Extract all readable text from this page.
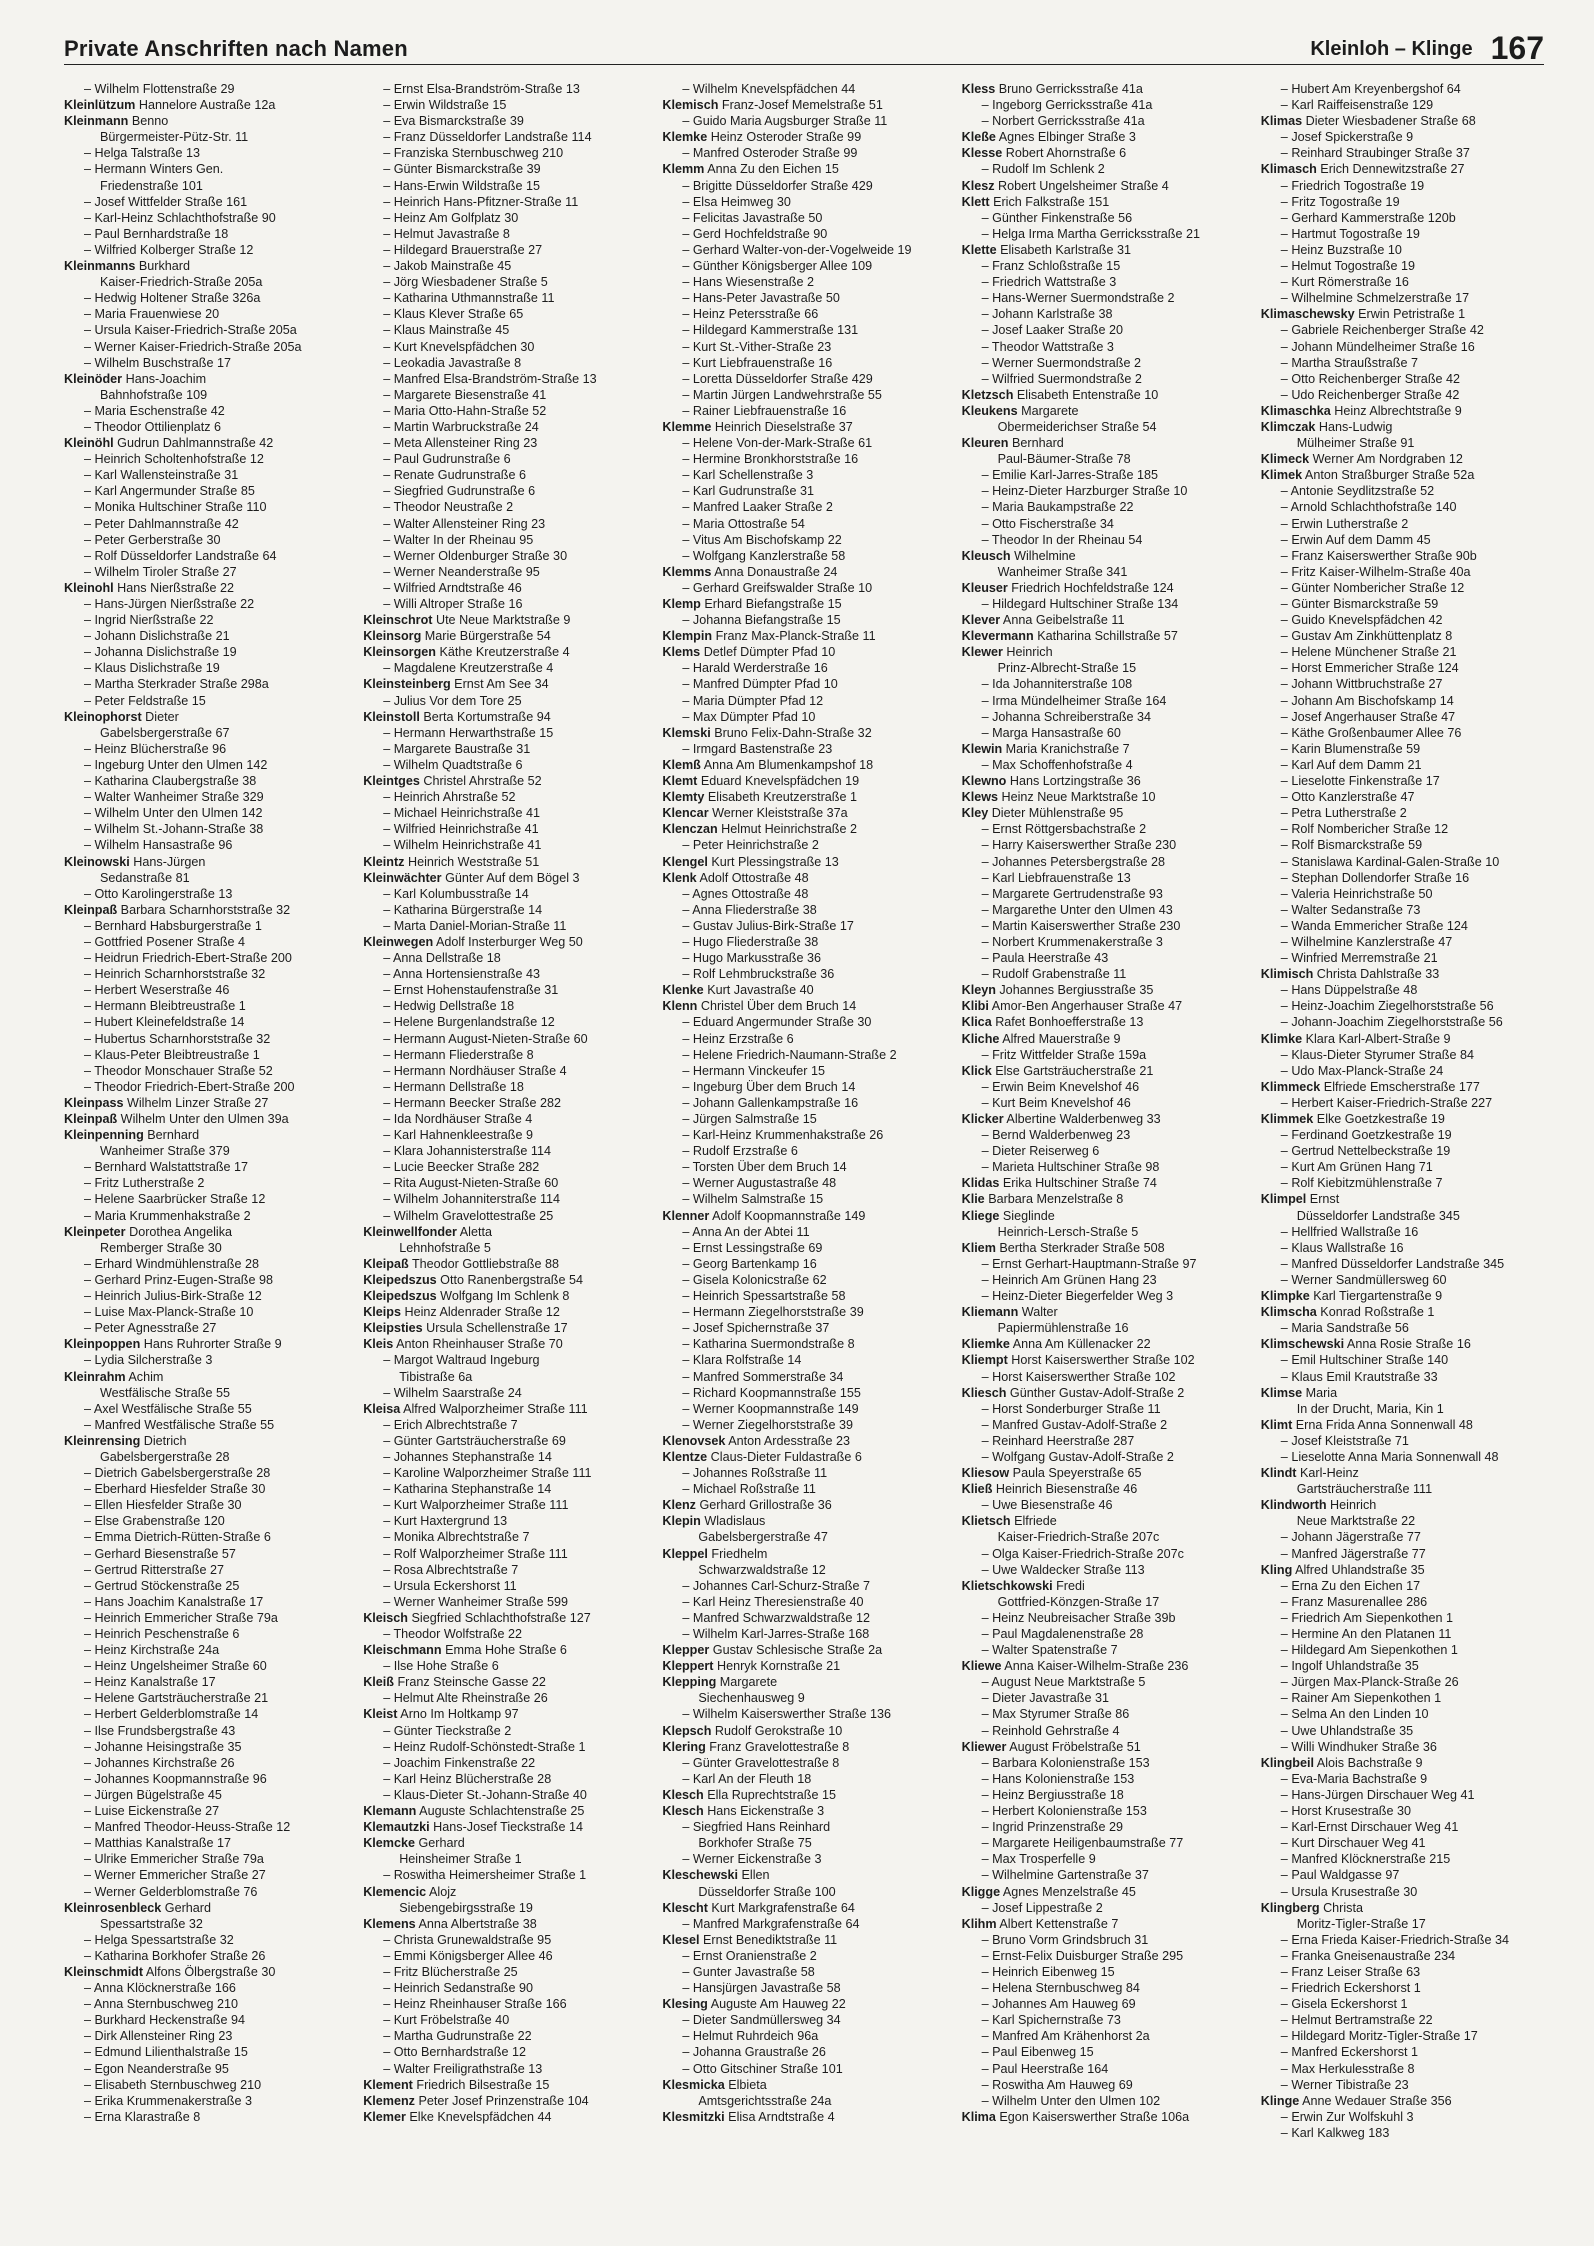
Private Anschriften nach Namen	Kleinloh – Klinge 167
– Wilhelm Flottenstraße 29
Kleinlützum Hannelore Austraße 12a
Kleinmann Benno
Bürgermeister-Pütz-Str. 11
– Helga Talstraße 13
– Hermann Winters Gen.
Friedenstraße 101
– Josef Wittfelder Straße 161
– Karl-Heinz Schlachthofstraße 90
– Paul Bernhardstraße 18
– Wilfried Kolberger Straße 12
Kleinmanns Burkhard
Kaiser-Friedrich-Straße 205a
– Hedwig Holtener Straße 326a
– Maria Frauenwiese 20
– Ursula Kaiser-Friedrich-Straße 205a
– Werner Kaiser-Friedrich-Straße 205a
– Wilhelm Buschstraße 17
Kleinöder Hans-Joachim
Bahnhofstraße 109
– Maria Eschenstraße 42
– Theodor Ottilienplatz 6
Kleinöhl Gudrun Dahlmannstraße 42
– Heinrich Scholtenhofstraße 12
– Karl Wallensteinstraße 31
– Karl Angermunder Straße 85
– Monika Hultschiner Straße 110
– Peter Dahlmannstraße 42
– Peter Gerberstraße 30
– Rolf Düsseldorfer Landstraße 64
– Wilhelm Tiroler Straße 27
Kleinohl Hans Nierßstraße 22
– Hans-Jürgen Nierßstraße 22
– Ingrid Nierßstraße 22
– Johann Dislichstraße 21
– Johanna Dislichstraße 19
– Klaus Dislichstraße 19
– Martha Sterkrader Straße 298a
– Peter Feldstraße 15
Kleinophorst Dieter
Gabelsbergerstraße 67
– Heinz Blücherstraße 96
– Ingeburg Unter den Ulmen 142
– Katharina Claubergstraße 38
– Walter Wanheimer Straße 329
– Wilhelm Unter den Ulmen 142
– Wilhelm St.-Johann-Straße 38
– Wilhelm Hansastraße 96
Kleinowski Hans-Jürgen
Sedanstraße 81
– Otto Karolingerstraße 13
Kleinpaß Barbara Scharnhorststraße 32
– Bernhard Habsburgerstraße 1
– Gottfried Posener Straße 4
– Heidrun Friedrich-Ebert-Straße 200
– Heinrich Scharnhorststraße 32
– Herbert Weserstraße 46
– Hermann Bleibtreustraße 1
– Hubert Kleinefeldstraße 14
– Hubertus Scharnhorststraße 32
– Klaus-Peter Bleibtreustraße 1
– Theodor Monschauer Straße 52
– Theodor Friedrich-Ebert-Straße 200
Kleinpass Wilhelm Linzer Straße 27
Kleinpaß Wilhelm Unter den Ulmen 39a
Kleinpenning Bernhard
Wanheimer Straße 379
– Bernhard Walstattstraße 17
– Fritz Lutherstraße 2
– Helene Saarbrücker Straße 12
– Maria Krummenhakstraße 2
Kleinpeter Dorothea Angelika
Remberger Straße 30
– Erhard Windmühlenstraße 28
– Gerhard Prinz-Eugen-Straße 98
– Heinrich Julius-Birk-Straße 12
– Luise Max-Planck-Straße 10
– Peter Agnesstraße 27
Kleinpoppen Hans Ruhrorter Straße 9
– Lydia Silcherstraße 3
Kleinrahm Achim
Westfälische Straße 55
– Axel Westfälische Straße 55
– Manfred Westfälische Straße 55
Kleinrensing Dietrich
Gabelsbergerstraße 28
– Dietrich Gabelsbergerstraße 28
– Eberhard Hiesfelder Straße 30
– Ellen Hiesfelder Straße 30
– Else Grabenstraße 120
– Emma Dietrich-Rütten-Straße 6
– Gerhard Biesenstraße 57
– Gertrud Ritterstraße 27
– Gertrud Stöckenstraße 25
– Hans Joachim Kanalstraße 17
– Heinrich Emmericher Straße 79a
– Heinrich Peschenstraße 6
– Heinz Kirchstraße 24a
– Heinz Ungelsheimer Straße 60
– Heinz Kanalstraße 17
– Helene Gartsträucherstraße 21
– Herbert Gelderblomstraße 14
– Ilse Frundsbergstraße 43
– Johanne Heisingstraße 35
– Johannes Kirchstraße 26
– Johannes Koopmannstraße 96
– Jürgen Bügelstraße 45
– Luise Eickenstraße 27
– Manfred Theodor-Heuss-Straße 12
– Matthias Kanalstraße 17
– Ulrike Emmericher Straße 79a
– Werner Emmericher Straße 27
– Werner Gelderblomstraße 76
Kleinrosenbleck Gerhard
Spessartstraße 32
– Helga Spessartstraße 32
– Katharina Borkhofer Straße 26
Kleinschmidt Alfons Ölbergstraße 30
– Anna Klöcknerstraße 166
– Anna Sternbuschweg 210
– Burkhard Heckenstraße 94
– Dirk Allensteiner Ring 23
– Edmund Lilienthalstraße 15
– Egon Neanderstraße 95
– Elisabeth Sternbuschweg 210
– Erika Krummenakerstraße 3
– Erna Klarastraße 8
– Ernst Elsa-Brandström-Straße 13
– Erwin Wildstraße 15
– Eva Bismarckstraße 39
– Franz Düsseldorfer Landstraße 114
– Franziska Sternbuschweg 210
– Günter Bismarckstraße 39
– Hans-Erwin Wildstraße 15
– Heinrich Hans-Pfitzner-Straße 11
– Heinz Am Golfplatz 30
– Helmut Javastraße 8
– Hildegard Brauerstraße 27
– Jakob Mainstraße 45
– Jörg Wiesbadener Straße 5
– Katharina Uthmannstraße 11
– Klaus Klever Straße 65
– Klaus Mainstraße 45
– Kurt Knevelspfädchen 30
– Leokadia Javastraße 8
– Manfred Elsa-Brandström-Straße 13
– Margarete Biesenstraße 41
– Maria Otto-Hahn-Straße 52
– Martin Warbruckstraße 24
– Meta Allensteiner Ring 23
– Paul Gudrunstraße 6
– Renate Gudrunstraße 6
– Siegfried Gudrunstraße 6
– Theodor Neustraße 2
– Walter Allensteiner Ring 23
– Walter In der Rheinau 95
– Werner Oldenburger Straße 30
– Werner Neanderstraße 95
– Wilfried Arndtstraße 46
– Willi Altroper Straße 16
Kleinschrot Ute Neue Marktstraße 9
Kleinsorg Marie Bürgerstraße 54
Kleinsorgen Käthe Kreutzerstraße 4
– Magdalene Kreutzerstraße 4
Kleinsteinberg Ernst Am See 34
– Julius Vor dem Tore 25
Kleinstoll Berta Kortumstraße 94
– Hermann Herwarthstraße 15
– Margarete Baustraße 31
– Wilhelm Quadtstraße 6
Kleintges Christel Ahrstraße 52
– Heinrich Ahrstraße 52
– Michael Heinrichstraße 41
– Wilfried Heinrichstraße 41
– Wilhelm Heinrichstraße 41
Kleintz Heinrich Weststraße 51
Kleinwächter Günter Auf dem Bögel 3
– Karl Kolumbusstraße 14
– Katharina Bürgerstraße 14
– Marta Daniel-Morian-Straße 11
Kleinwegen Adolf Insterburger Weg 50
– Anna Dellstraße 18
– Anna Hortensienstraße 43
– Ernst Hohenstaufenstraße 31
– Hedwig Dellstraße 18
– Helene Burgenlandstraße 12
– Hermann August-Nieten-Straße 60
– Hermann Fliederstraße 8
– Hermann Nordhäuser Straße 4
– Hermann Dellstraße 18
– Hermann Beecker Straße 282
– Ida Nordhäuser Straße 4
– Karl Hahnenkleestraße 9
– Klara Johannisterstraße 114
– Lucie Beecker Straße 282
– Rita August-Nieten-Straße 60
– Wilhelm Johanniterstraße 114
– Wilhelm Gravelottestraße 25
Kleinwellfonder Aletta
Lehnhofstraße 5
Kleipaß Theodor Gottliebstraße 88
Kleipedszus Otto Ranenbergstraße 54
Kleipedszus Wolfgang Im Schlenk 8
Kleips Heinz Aldenrader Straße 12
Kleipsties Ursula Schellenstraße 17
Kleis Anton Rheinhauser Straße 70
– Margot Waltraud Ingeburg
Tibistraße 6a
– Wilhelm Saarstraße 24
Kleisa Alfred Walporzheimer Straße 111
– Erich Albrechtstraße 7
– Günter Gartsträucherstraße 69
– Johannes Stephanstraße 14
– Karoline Walporzheimer Straße 111
– Katharina Stephanstraße 14
– Kurt Walporzheimer Straße 111
– Kurt Haxtergrund 13
– Monika Albrechtstraße 7
– Rolf Walporzheimer Straße 111
– Rosa Albrechtstraße 7
– Ursula Eckershorst 11
– Werner Wanheimer Straße 599
Kleisch Siegfried Schlachthofstraße 127
– Theodor Wolfstraße 22
Kleischmann Emma Hohe Straße 6
– Ilse Hohe Straße 6
Kleiß Franz Steinsche Gasse 22
– Helmut Alte Rheinstraße 26
Kleist Arno Im Holtkamp 97
– Günter Tieckstraße 2
– Heinz Rudolf-Schönstedt-Straße 1
– Joachim Finkenstraße 22
– Karl Heinz Blücherstraße 28
– Klaus-Dieter St.-Johann-Straße 40
Klemann Auguste Schlachtenstraße 25
Klemautzki Hans-Josef Tieckstraße 14
Klemcke Gerhard
Heinsheimer Straße 1
– Roswitha Heimersheimer Straße 1
Klemencic Alojz
Siebengebirgsstraße 19
Klemens Anna Albertstraße 38
– Christa Grunewaldstraße 95
– Emmi Königsberger Allee 46
– Fritz Blücherstraße 25
– Heinrich Sedanstraße 90
– Heinz Rheinhauser Straße 166
– Kurt Fröbelstraße 40
– Martha Gudrunstraße 22
– Otto Bernhardstraße 12
– Walter Freiligrathstraße 13
Klement Friedrich Bilsestraße 15
Klemenz Peter Josef Prinzenstraße 104
Klemer Elke Knevelspfädchen 44
– Wilhelm Knevelspfädchen 44
Klemisch Franz-Josef Memelstraße 51
– Guido Maria Augsburger Straße 11
Klemke Heinz Osteroder Straße 99
– Manfred Osteroder Straße 99
Klemm Anna Zu den Eichen 15
– Brigitte Düsseldorfer Straße 429
– Elsa Heimweg 30
– Felicitas Javastraße 50
– Gerd Hochfeldstraße 90
– Gerhard Walter-von-der-Vogelweide 19
– Günther Königsberger Allee 109
– Hans Wiesenstraße 2
– Hans-Peter Javastraße 50
– Heinz Petersstraße 66
– Hildegard Kammerstraße 131
– Kurt St.-Vither-Straße 23
– Kurt Liebfrauenstraße 16
– Loretta Düsseldorfer Straße 429
– Martin Jürgen Landwehrstraße 55
– Rainer Liebfrauenstraße 16
Klemme Heinrich Dieselstraße 37
– Helene Von-der-Mark-Straße 61
– Hermine Bronkhorststraße 16
– Karl Schellenstraße 3
– Karl Gudrunstraße 31
– Manfred Laaker Straße 2
– Maria Ottostraße 54
– Vitus Am Bischofskamp 22
– Wolfgang Kanzlerstraße 58
Klemms Anna Donaustraße 24
– Gerhard Greifswalder Straße 10
Klemp Erhard Biefangstraße 15
– Johanna Biefangstraße 15
Klempin Franz Max-Planck-Straße 11
Klems Detlef Dümpter Pfad 10
– Harald Werderstraße 16
– Manfred Dümpter Pfad 10
– Maria Dümpter Pfad 12
– Max Dümpter Pfad 10
Klemski Bruno Felix-Dahn-Straße 32
– Irmgard Bastenstraße 23
Klemß Anna Am Blumenkampshof 18
Klemt Eduard Knevelspfädchen 19
Klemty Elisabeth Kreutzerstraße 1
Klencar Werner Kleiststraße 37a
Klenczan Helmut Heinrichstraße 2
– Peter Heinrichstraße 2
Klengel Kurt Plessingstraße 13
Klenk Adolf Ottostraße 48
– Agnes Ottostraße 48
– Anna Fliederstraße 38
– Gustav Julius-Birk-Straße 17
– Hugo Fliederstraße 38
– Hugo Markusstraße 36
– Rolf Lehmbruckstraße 36
Klenke Kurt Javastraße 40
Klenn Christel Über dem Bruch 14
– Eduard Angermunder Straße 30
– Heinz Erzstraße 6
– Helene Friedrich-Naumann-Straße 2
– Hermann Vinckeufer 15
– Ingeburg Über dem Bruch 14
– Johann Gallenkampstraße 16
– Jürgen Salmstraße 15
– Karl-Heinz Krummenhakstraße 26
– Rudolf Erzstraße 6
– Torsten Über dem Bruch 14
– Werner Augustastraße 48
– Wilhelm Salmstraße 15
Klenner Adolf Koopmannstraße 149
– Anna An der Abtei 11
– Ernst Lessingstraße 69
– Georg Bartenkamp 16
– Gisela Kolonicstraße 62
– Heinrich Spessartstraße 58
– Hermann Ziegelhorststraße 39
– Josef Spichernstraße 37
– Katharina Suermondstraße 8
– Klara Rolfstraße 14
– Manfred Sommerstraße 34
– Richard Koopmannstraße 155
– Werner Koopmannstraße 149
– Werner Ziegelhorststraße 39
Klenovsek Anton Ardesstraße 23
Klentze Claus-Dieter Fuldastraße 6
– Johannes Roßstraße 11
– Michael Roßstraße 11
Klenz Gerhard Grillostraße 36
Klepin Wladislaus
Gabelsbergerstraße 47
Kleppel Friedhelm
Schwarzwaldstraße 12
– Johannes Carl-Schurz-Straße 7
– Karl Heinz Theresienstraße 40
– Manfred Schwarzwaldstraße 12
– Wilhelm Karl-Jarres-Straße 168
Klepper Gustav Schlesische Straße 2a
Kleppert Henryk Kornstraße 21
Klepping Margarete
Siechenhausweg 9
– Wilhelm Kaiserswerther Straße 136
Klepsch Rudolf Gerokstraße 10
Klering Franz Gravelottestraße 8
– Günter Gravelottestraße 8
– Karl An der Fleuth 18
Klesch Ella Ruprechtstraße 15
Klesch Hans Eickenstraße 3
– Siegfried Hans Reinhard
Borkhofer Straße 75
– Werner Eickenstraße 3
Kleschewski Ellen
Düsseldorfer Straße 100
Klescht Kurt Markgrafenstraße 64
– Manfred Markgrafenstraße 64
Klesel Ernst Benediktstraße 11
– Ernst Oranienstraße 2
– Gunter Javastraße 58
– Hansjürgen Javastraße 58
Klesing Auguste Am Hauweg 22
– Dieter Sandmüllersweg 34
– Helmut Ruhrdeich 96a
– Johanna Graustraße 26
– Otto Gitschiner Straße 101
Klesmicka Elbieta
Amtsgerichtsstraße 24a
Klesmitzki Elisa Arndtstraße 4
Kless Bruno Gerricksstraße 41a
– Ingeborg Gerricksstraße 41a
– Norbert Gerricksstraße 41a
Kleße Agnes Elbinger Straße 3
Klesse Robert Ahornstraße 6
– Rudolf Im Schlenk 2
Klesz Robert Ungelsheimer Straße 4
Klett Erich Falkstraße 151
– Günther Finkenstraße 56
– Helga Irma Martha Gerricksstraße 21
Klette Elisabeth Karlstraße 31
– Franz Schloßstraße 15
– Friedrich Wattstraße 3
– Hans-Werner Suermondstraße 2
– Johann Karlstraße 38
– Josef Laaker Straße 20
– Theodor Wattstraße 3
– Werner Suermondstraße 2
– Wilfried Suermondstraße 2
Kletzsch Elisabeth Entenstraße 10
Kleukens Margarete
Obermeiderichser Straße 54
Kleuren Bernhard
Paul-Bäumer-Straße 78
– Emilie Karl-Jarres-Straße 185
– Heinz-Dieter Harzburger Straße 10
– Maria Baukampstraße 22
– Otto Fischerstraße 34
– Theodor In der Rheinau 54
Kleusch Wilhelmine
Wanheimer Straße 341
Kleuser Friedrich Hochfeldstraße 124
– Hildegard Hultschiner Straße 134
Klever Anna Geibelstraße 11
Klevermann Katharina Schillstraße 57
Klewer Heinrich
Prinz-Albrecht-Straße 15
– Ida Johanniterstraße 108
– Irma Mündelheimer Straße 164
– Johanna Schreiberstraße 34
– Marga Hansastraße 60
Klewin Maria Kranichstraße 7
– Max Schoffenhofstraße 4
Klewno Hans Lortzingstraße 36
Klews Heinz Neue Marktstraße 10
Kley Dieter Mühlenstraße 95
– Ernst Röttgersbachstraße 2
– Harry Kaiserswerther Straße 230
– Johannes Petersbergstraße 28
– Karl Liebfrauenstraße 13
– Margarete Gertrudenstraße 93
– Margarethe Unter den Ulmen 43
– Martin Kaiserswerther Straße 230
– Norbert Krummenakerstraße 3
– Paula Heerstraße 43
– Rudolf Grabenstraße 11
Kleyn Johannes Bergiusstraße 35
Klibi Amor-Ben Angerhauser Straße 47
Klica Rafet Bonhoefferstraße 13
Kliche Alfred Mauerstraße 9
– Fritz Wittfelder Straße 159a
Klick Else Gartsträucherstraße 21
– Erwin Beim Knevelshof 46
– Kurt Beim Knevelshof 46
Klicker Albertine Walderbenweg 33
– Bernd Walderbenweg 23
– Dieter Reiserweg 6
– Marieta Hultschiner Straße 98
Klidas Erika Hultschiner Straße 74
Klie Barbara Menzelstraße 8
Kliege Sieglinde
Heinrich-Lersch-Straße 5
Kliem Bertha Sterkrader Straße 508
– Ernst Gerhart-Hauptmann-Straße 97
– Heinrich Am Grünen Hang 23
– Heinz-Dieter Biegerfelder Weg 3
Kliemann Walter
Papiermühlenstraße 16
Kliemke Anna Am Küllenacker 22
Kliempt Horst Kaiserswerther Straße 102
– Horst Kaiserswerther Straße 102
Kliesch Günther Gustav-Adolf-Straße 2
– Horst Sonderburger Straße 11
– Manfred Gustav-Adolf-Straße 2
– Reinhard Heerstraße 287
– Wolfgang Gustav-Adolf-Straße 2
Kliesow Paula Speyerstraße 65
Kließ Heinrich Biesenstraße 46
– Uwe Biesenstraße 46
Klietsch Elfriede
Kaiser-Friedrich-Straße 207c
– Olga Kaiser-Friedrich-Straße 207c
– Uwe Waldecker Straße 113
Klietschkowski Fredi
Gottfried-Könzgen-Straße 17
– Heinz Neubreisacher Straße 39b
– Paul Magdalenenstraße 28
– Walter Spatenstraße 7
Kliewe Anna Kaiser-Wilhelm-Straße 236
– August Neue Marktstraße 5
– Dieter Javastraße 31
– Max Styrumer Straße 86
– Reinhold Gehrstraße 4
Kliewer August Fröbelstraße 51
– Barbara Kolonienstraße 153
– Hans Kolonienstraße 153
– Heinz Bergiusstraße 18
– Herbert Kolonienstraße 153
– Ingrid Prinzenstraße 29
– Margarete Heiligenbaumstraße 77
– Max Trosperfelle 9
– Wilhelmine Gartenstraße 37
Kligge Agnes Menzelstraße 45
– Josef Lippestraße 2
Klihm Albert Kettenstraße 7
– Bruno Vorm Grindsbruch 31
– Ernst-Felix Duisburger Straße 295
– Heinrich Eibenweg 15
– Helena Sternbuschweg 84
– Johannes Am Hauweg 69
– Karl Spichernstraße 73
– Manfred Am Krähenhorst 2a
– Paul Eibenweg 15
– Paul Heerstraße 164
– Roswitha Am Hauweg 69
– Wilhelm Unter den Ulmen 102
Klima Egon Kaiserswerther Straße 106a
– Hubert Am Kreyenbergshof 64
– Karl Raiffeisenstraße 129
Klimas Dieter Wiesbadener Straße 68
– Josef Spickerstraße 9
– Reinhard Straubinger Straße 37
Klimasch Erich Dennewitzstraße 27
– Friedrich Togostraße 19
– Fritz Togostraße 19
– Gerhard Kammerstraße 120b
– Hartmut Togostraße 19
– Heinz Buzstraße 10
– Helmut Togostraße 19
– Kurt Römerstraße 16
– Wilhelmine Schmelzerstraße 17
Klimaschewsky Erwin Petristraße 1
– Gabriele Reichenberger Straße 42
– Johann Mündelheimer Straße 16
– Martha Straußstraße 7
– Otto Reichenberger Straße 42
– Udo Reichenberger Straße 42
Klimaschka Heinz Albrechtstraße 9
Klimczak Hans-Ludwig
Mülheimer Straße 91
Klimeck Werner Am Nordgraben 12
Klimek Anton Straßburger Straße 52a
– Antonie Seydlitzstraße 52
– Arnold Schlachthofstraße 140
– Erwin Lutherstraße 2
– Erwin Auf dem Damm 45
– Franz Kaiserswerther Straße 90b
– Fritz Kaiser-Wilhelm-Straße 40a
– Günter Nombericher Straße 12
– Günter Bismarckstraße 59
– Guido Knevelspfädchen 42
– Gustav Am Zinkhüttenplatz 8
– Helene Münchener Straße 21
– Horst Emmericher Straße 124
– Johann Wittbruchstraße 27
– Johann Am Bischofskamp 14
– Josef Angerhauser Straße 47
– Käthe Großenbaumer Allee 76
– Karin Blumenstraße 59
– Karl Auf dem Damm 21
– Lieselotte Finkenstraße 17
– Otto Kanzlerstraße 47
– Petra Lutherstraße 2
– Rolf Nombericher Straße 12
– Rolf Bismarckstraße 59
– Stanislawa Kardinal-Galen-Straße 10
– Stephan Dollendorfer Straße 16
– Valeria Heinrichstraße 50
– Walter Sedanstraße 73
– Wanda Emmericher Straße 124
– Wilhelmine Kanzlerstraße 47
– Winfried Merremstraße 21
Klimisch Christa Dahlstraße 33
– Hans Düppelstraße 48
– Heinz-Joachim Ziegelhorststraße 56
– Johann-Joachim Ziegelhorststraße 56
Klimke Klara Karl-Albert-Straße 9
– Klaus-Dieter Styrumer Straße 84
– Udo Max-Planck-Straße 24
Klimmeck Elfriede Emscherstraße 177
– Herbert Kaiser-Friedrich-Straße 227
Klimmek Elke Goetzkestraße 19
– Ferdinand Goetzkestraße 19
– Gertrud Nettelbeckstraße 19
– Kurt Am Grünen Hang 71
– Rolf Kiebitzmühlenstraße 7
Klimpel Ernst
Düsseldorfer Landstraße 345
– Hellfried Wallstraße 16
– Klaus Wallstraße 16
– Manfred Düsseldorfer Landstraße 345
– Werner Sandmüllersweg 60
Klimpke Karl Tiergartenstraße 9
Klimscha Konrad Roßstraße 1
– Maria Sandstraße 56
Klimschewski Anna Rosie Straße 16
– Emil Hultschiner Straße 140
– Klaus Emil Krautstraße 33
Klimse Maria
In der Drucht, Maria, Kin 1
Klimt Erna Frida Anna Sonnenwall 48
– Josef Kleiststraße 71
– Lieselotte Anna Maria Sonnenwall 48
Klindt Karl-Heinz
Gartsträucherstraße 111
Klindworth Heinrich
Neue Marktstraße 22
– Johann Jägerstraße 77
– Manfred Jägerstraße 77
Kling Alfred Uhlandstraße 35
– Erna Zu den Eichen 17
– Franz Masurenallee 286
– Friedrich Am Siepenkothen 1
– Hermine An den Platanen 11
– Hildegard Am Siepenkothen 1
– Ingolf Uhlandstraße 35
– Jürgen Max-Planck-Straße 26
– Rainer Am Siepenkothen 1
– Selma An den Linden 10
– Uwe Uhlandstraße 35
– Willi Windhuker Straße 36
Klingbeil Alois Bachstraße 9
– Eva-Maria Bachstraße 9
– Hans-Jürgen Dirschauer Weg 41
– Horst Krusestraße 30
– Karl-Ernst Dirschauer Weg 41
– Kurt Dirschauer Weg 41
– Manfred Klöcknerstraße 215
– Paul Waldgasse 97
– Ursula Krusestraße 30
Klingberg Christa
Moritz-Tigler-Straße 17
– Erna Frieda Kaiser-Friedrich-Straße 34
– Franka Gneisenaustraße 234
– Franz Leiser Straße 63
– Friedrich Eckershorst 1
– Gisela Eckershorst 1
– Helmut Bertramstraße 22
– Hildegard Moritz-Tigler-Straße 17
– Manfred Eckershorst 1
– Max Herkulesstraße 8
– Werner Tibistraße 23
Klinge Anne Wedauer Straße 356
– Erwin Zur Wolfskuhl 3
– Karl Kalkweg 183
